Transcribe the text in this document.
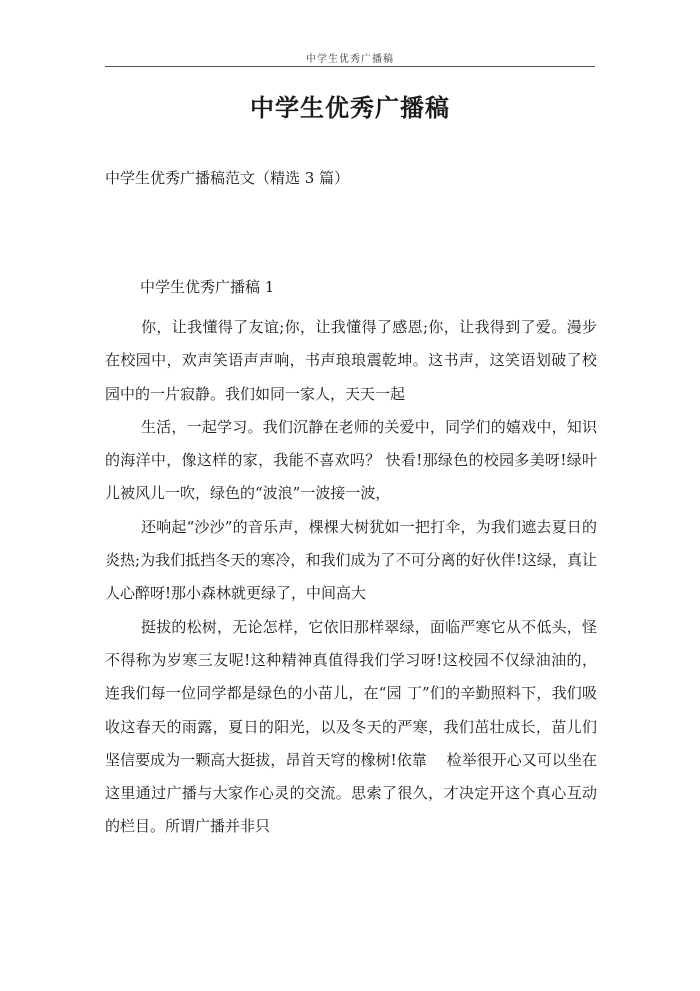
中学生优秀广播稿
中学生优秀广播稿
中学生优秀广播稿范文（精选 3 篇）
中学生优秀广播稿 1

你，让我懂得了友谊;你，让我懂得了感恩;你，让我得到了爱。漫步在校园中，欢声笑语声声响，书声琅琅震乾坤。这书声，这笑语划破了校园中的一片寂静。我们如同一家人，天天一起

生活，一起学习。我们沉静在老师的关爱中，同学们的嬉戏中，知识的海洋中，像这样的家，我能不喜欢吗？ 快看!那绿色的校园多美呀!绿叶儿被风儿一吹，绿色的“波浪”一波接一波，

还响起“沙沙”的音乐声，棵棵大树犹如一把打伞，为我们遮去夏日的炎热;为我们抵挡冬天的寒冷，和我们成为了不可分离的好伙伴!这绿，真让人心醉呀!那小森林就更绿了，中间高大

挺拔的松树，无论怎样，它依旧那样翠绿，面临严寒它从不低头，怪不得称为岁寒三友呢!这种精神真值得我们学习呀!这校园不仅绿油油的，连我们每一位同学都是绿色的小苗儿，在“园 丁”们的辛勤照料下，我们吸收这春天的雨露，夏日的阳光，以及冬天的严寒，我们茁壮成长，苗儿们坚信要成为一颗高大挺拔，昂首天穹的橡树!依靠　 检举很开心又可以坐在这里通过广播与大家作心灵的交流。思索了很久，才决定开这个真心互动的栏目。所谓广播并非只
